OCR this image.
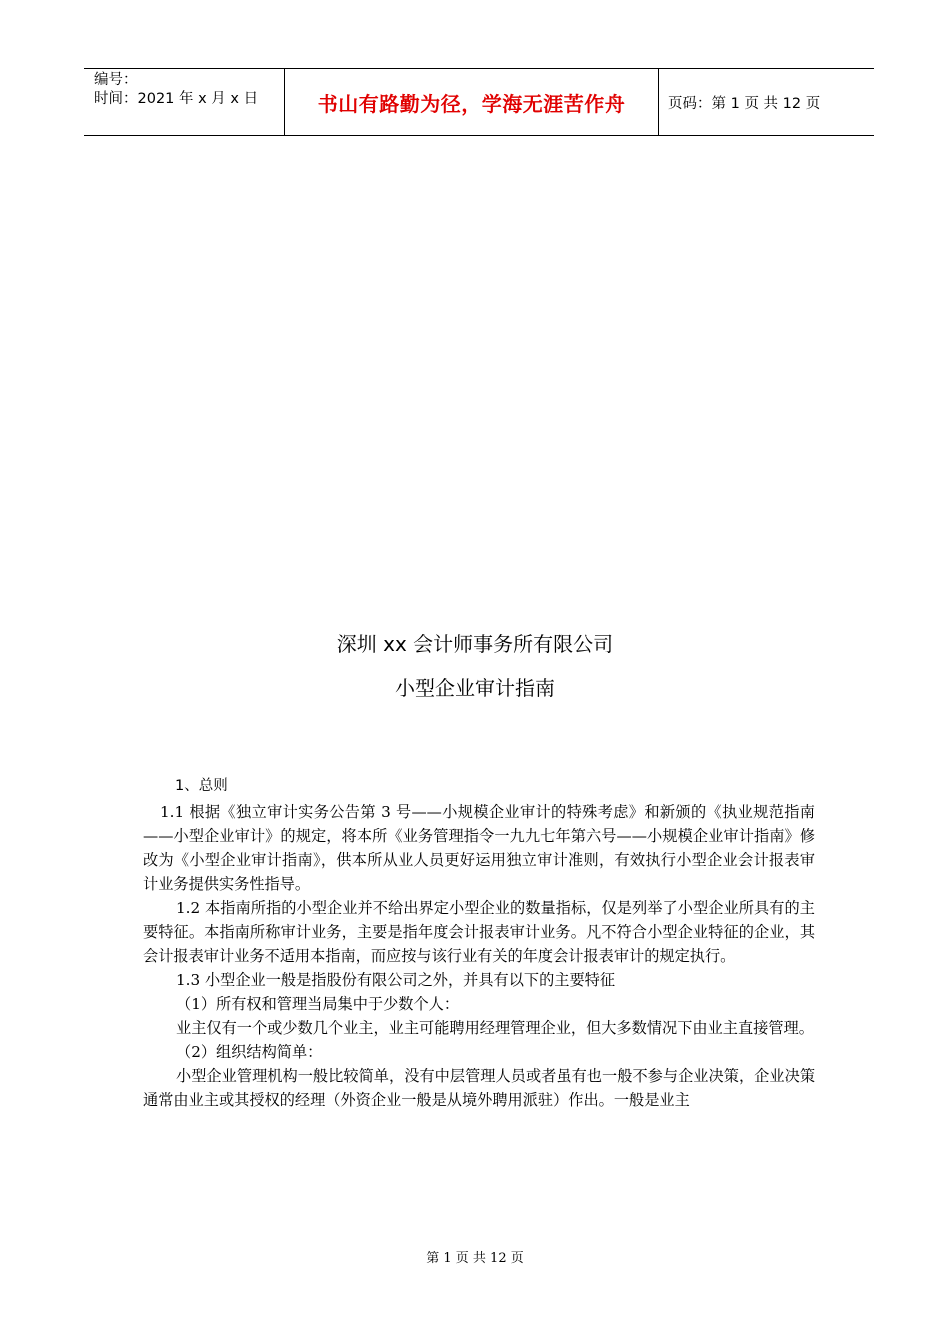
编号：
时间：2021 年 x 月 x 日	书山有路勤为径，学海无涯苦作舟	页码：第 1 页 共 12 页
深圳 xx 会计师事务所有限公司
小型企业审计指南

1、总则

1.1 根据《独立审计实务公告第 3 号——小规模企业审计的特殊考虑》和新颁的《执业规范指南——小型企业审计》的规定，将本所《业务管理指令一九九七年第六号——小规模企业审计指南》修改为《小型企业审计指南》，供本所从业人员更好运用独立审计准则，有效执行小型企业会计报表审计业务提供实务性指导。

1.2 本指南所指的小型企业并不给出界定小型企业的数量指标，仅是列举了小型企业所具有的主要特征。本指南所称审计业务，主要是指年度会计报表审计业务。凡不符合小型企业特征的企业，其会计报表审计业务不适用本指南，而应按与该行业有关的年度会计报表审计的规定执行。

1.3 小型企业一般是指股份有限公司之外，并具有以下的主要特征

（1）所有权和管理当局集中于少数个人：

业主仅有一个或少数几个业主，业主可能聘用经理管理企业，但大多数情况下由业主直接管理。

（2）组织结构简单：

小型企业管理机构一般比较简单，没有中层管理人员或者虽有也一般不参与企业决策，企业决策通常由业主或其授权的经理（外资企业一般是从境外聘用派驻）作出。一般是业主

第 1 页 共 12 页
